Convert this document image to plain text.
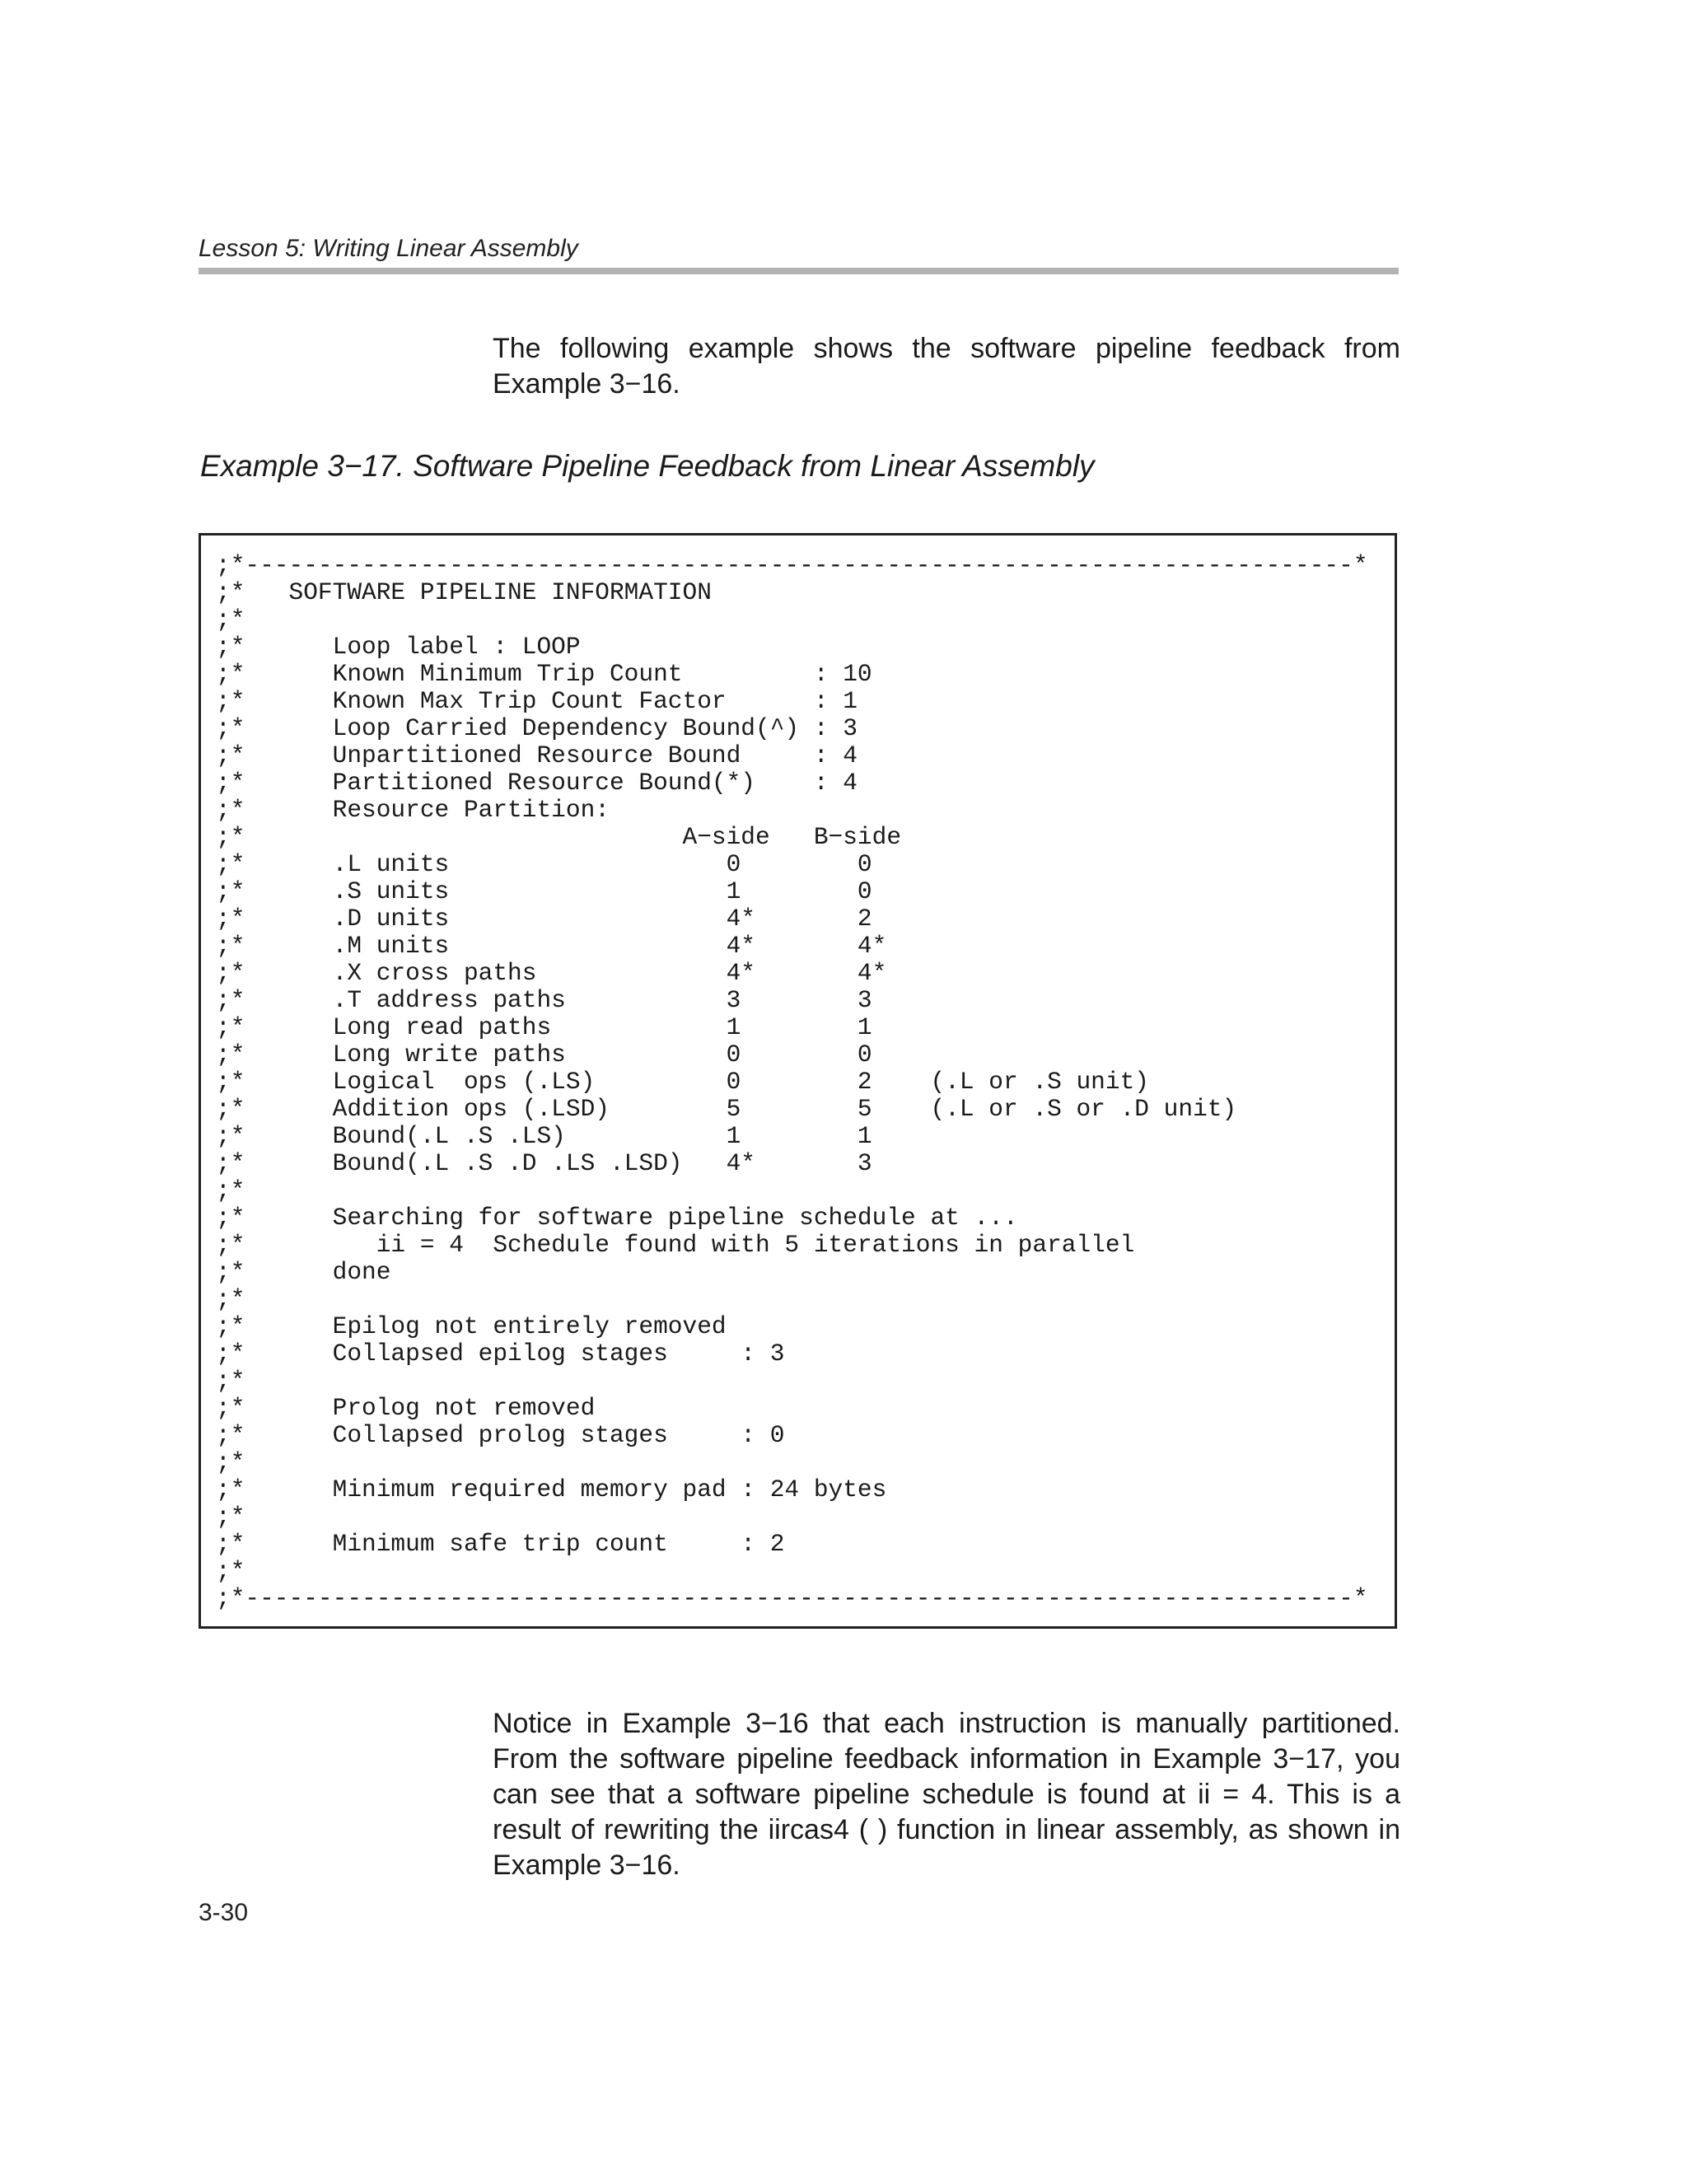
Lesson 5: Writing Linear Assembly
The following example shows the software pipeline feedback from Example 3−16.
Example 3−17. Software Pipeline Feedback from Linear Assembly
;*----------------------------------------------------------------------------*
;*   SOFTWARE PIPELINE INFORMATION
;*
;*      Loop label : LOOP
;*      Known Minimum Trip Count         : 10
;*      Known Max Trip Count Factor      : 1
;*      Loop Carried Dependency Bound(^) : 3
;*      Unpartitioned Resource Bound     : 4
;*      Partitioned Resource Bound(*)    : 4
;*      Resource Partition:
;*                              A−side   B−side
;*      .L units                   0        0
;*      .S units                   1        0
;*      .D units                   4*       2
;*      .M units                   4*       4*
;*      .X cross paths             4*       4*
;*      .T address paths           3        3
;*      Long read paths            1        1
;*      Long write paths           0        0
;*      Logical  ops (.LS)         0        2    (.L or .S unit)
;*      Addition ops (.LSD)        5        5    (.L or .S or .D unit)
;*      Bound(.L .S .LS)           1        1
;*      Bound(.L .S .D .LS .LSD)   4*       3
;*
;*      Searching for software pipeline schedule at ...
;*         ii = 4  Schedule found with 5 iterations in parallel
;*      done
;*
;*      Epilog not entirely removed
;*      Collapsed epilog stages     : 3
;*
;*      Prolog not removed
;*      Collapsed prolog stages     : 0
;*
;*      Minimum required memory pad : 24 bytes
;*
;*      Minimum safe trip count     : 2
;*
;*----------------------------------------------------------------------------*
Notice in Example 3−16 that each instruction is manually partitioned. From the software pipeline feedback information in Example 3−17, you can see that a software pipeline schedule is found at ii = 4. This is a result of rewriting the iircas4 ( ) function in linear assembly, as shown in Example 3−16.
3-30
